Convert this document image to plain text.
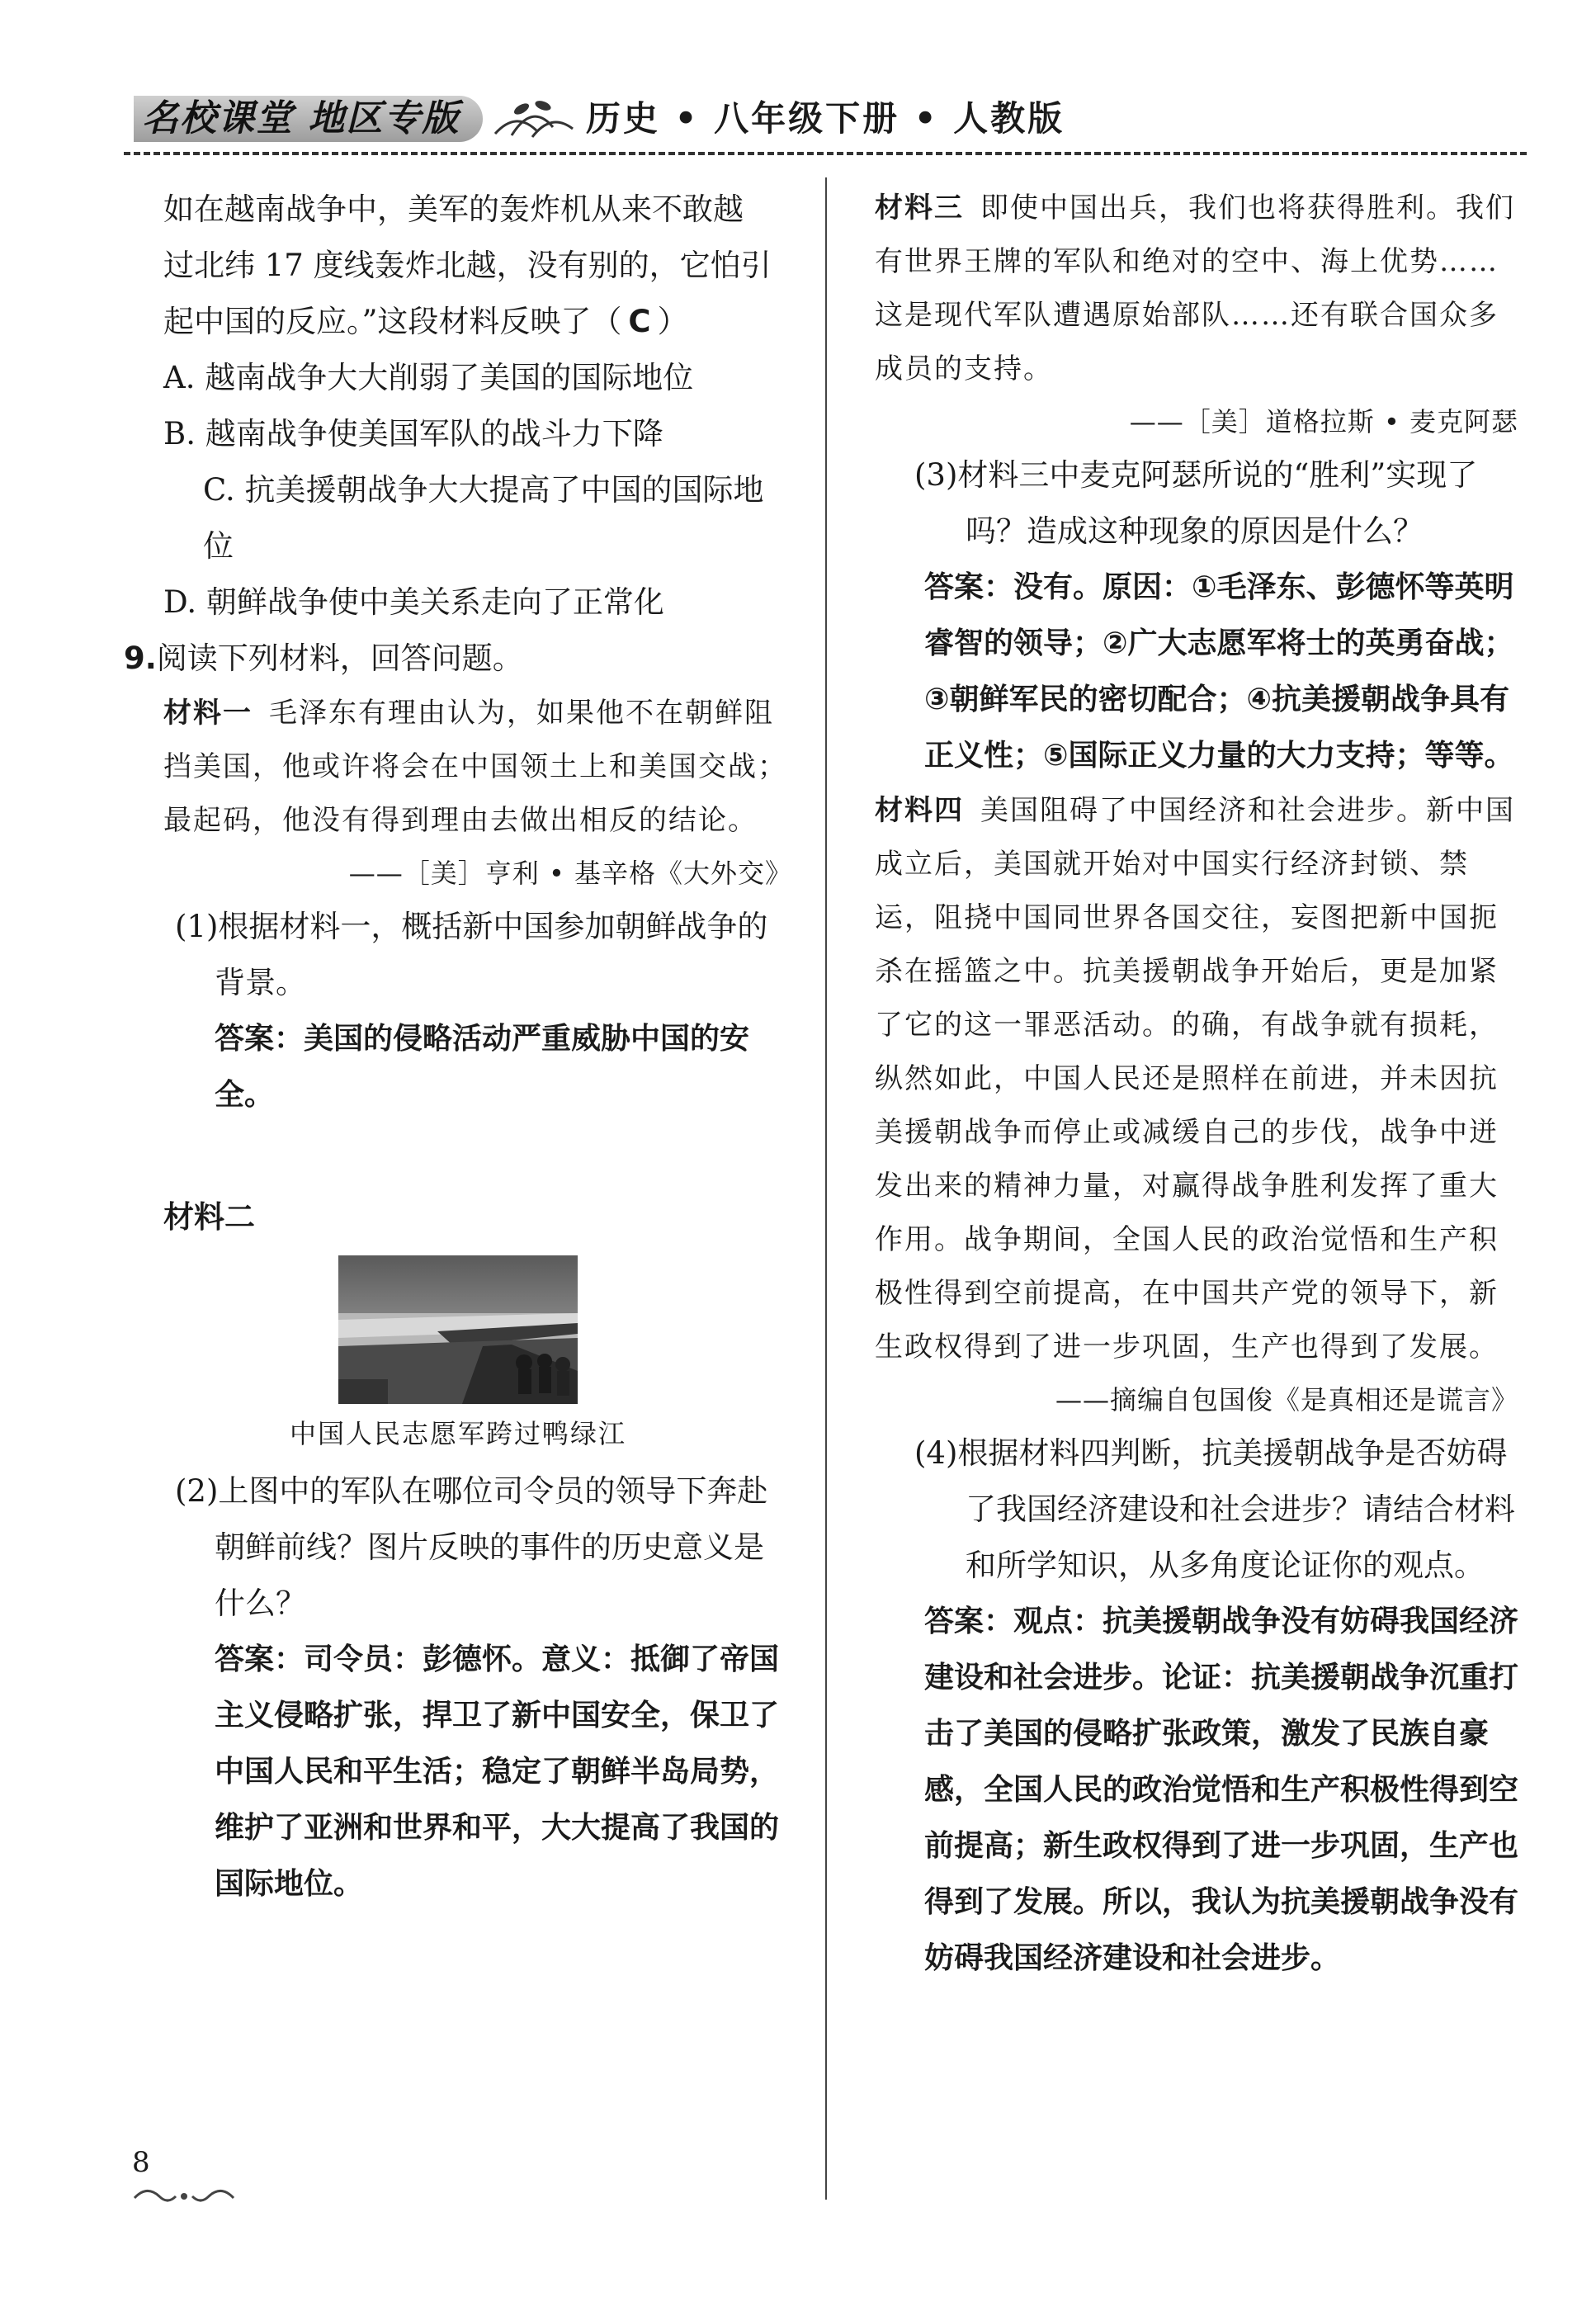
名校课堂 地区专版	历史 • 八年级下册 • 人教版

如在越南战争中，美军的轰炸机从来不敢越

过北纬 17 度线轰炸北越，没有别的，它怕引

起中国的反应。”这段材料反映了（ C ）

A. 越南战争大大削弱了美国的国际地位

B. 越南战争使美国军队的战斗力下降

C. 抗美援朝战争大大提高了中国的国际地位

D. 朝鲜战争使中美关系走向了正常化

9.阅读下列材料，回答问题。

材料一 毛泽东有理由认为，如果他不在朝鲜阻挡美国，他或许将会在中国领土上和美国交战；最起码，他没有得到理由去做出相反的结论。

——［美］亨利 • 基辛格《大外交》

(1)根据材料一，概括新中国参加朝鲜战争的背景。

答案：美国的侵略活动严重威胁中国的安全。

材料二

中国人民志愿军跨过鸭绿江

(2)上图中的军队在哪位司令员的领导下奔赴朝鲜前线？图片反映的事件的历史意义是什么？

答案：司令员：彭德怀。意义：抵御了帝国主义侵略扩张，捍卫了新中国安全，保卫了中国人民和平生活；稳定了朝鲜半岛局势，维护了亚洲和世界和平，大大提高了我国的国际地位。

材料三 即使中国出兵，我们也将获得胜利。我们有世界王牌的军队和绝对的空中、海上优势……这是现代军队遭遇原始部队……还有联合国众多成员的支持。

——［美］道格拉斯 • 麦克阿瑟

(3)材料三中麦克阿瑟所说的“胜利”实现了吗？造成这种现象的原因是什么？

答案：没有。原因：①毛泽东、彭德怀等英明睿智的领导；②广大志愿军将士的英勇奋战；③朝鲜军民的密切配合；④抗美援朝战争具有正义性；⑤国际正义力量的大力支持；等等。

材料四 美国阻碍了中国经济和社会进步。新中国成立后，美国就开始对中国实行经济封锁、禁运，阻挠中国同世界各国交往，妄图把新中国扼杀在摇篮之中。抗美援朝战争开始后，更是加紧了它的这一罪恶活动。的确，有战争就有损耗，纵然如此，中国人民还是照样在前进，并未因抗美援朝战争而停止或减缓自己的步伐，战争中迸发出来的精神力量，对赢得战争胜利发挥了重大作用。战争期间，全国人民的政治觉悟和生产积极性得到空前提高，在中国共产党的领导下，新生政权得到了进一步巩固，生产也得到了发展。

——摘编自包国俊《是真相还是谎言》

(4)根据材料四判断，抗美援朝战争是否妨碍了我国经济建设和社会进步？请结合材料和所学知识，从多角度论证你的观点。

答案：观点：抗美援朝战争没有妨碍我国经济建设和社会进步。论证：抗美援朝战争沉重打击了美国的侵略扩张政策，激发了民族自豪感，全国人民的政治觉悟和生产积极性得到空前提高；新生政权得到了进一步巩固，生产也得到了发展。所以，我认为抗美援朝战争没有妨碍我国经济建设和社会进步。

8
